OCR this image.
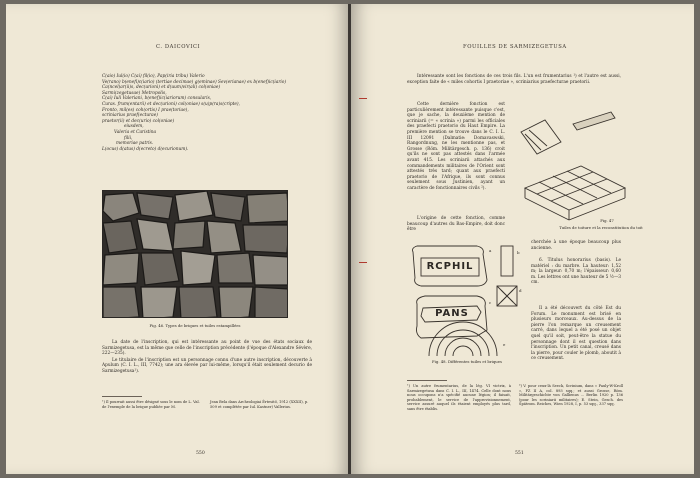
C. DAICOVICI

C(aio) Iul(io) C(ai) fil(io), Pap(iria tribu) Valerio

Ve(rano) b(enefi)c(iario) (tertiae decimae) g(eminae) Sev(erianae) ex b(enef)ic(iario)

Ca(ncel)ar(ii)s, dec(urioni) et d(uum)vir(ali) col(oniae)

Sarmi(zegetusae) Metropolis,

C(ai) Iuli Valeriani, b(enef)ic(iariorum) consularis,

Curas. frum(entarii) et dec(urioni) col(oniae) s(u)p(ra)s(cripte),

Fronto, mil(es) coh(ortis) I prae(toriae),

scriniarius praef(ecturae)

praetor(ii) et dec(urio) col(oniae)

eiusdem,

Valeria et Caristina

filii,

memoriae patris.

L(ocus) d(atus) d(ecreto) d(ecurionum).

Fig. 46. Types de briques et tuiles estampillées

La date de l'inscription, qui est intéressante au point de vue des états sociaux de Sarmizegetusa, est la même que celle de l'inscription précédente (l'époque d'Alexandre Sévère, 222—235).

Le titulaire de l'inscription est un personnage connu d'une autre inscription, découverte à Apulum (C. I. L., III, 7742); une ara élevée par lui-même, lorsqu'il était seulement decurio de Sarmizegetusa¹).

¹) Il pourrait aussi être désigné sous le nom de L. Val. de l'exemple de la brique publiée par M.
Jean Bela dans Archeologiai Értesitő, 1912 (XXXII), p. 509 et complétée par Iul. Kastner) Vallerius.
550
FOUILLES DE SARMIZEGETUSA
Intéressante sont les fonctions de ces trois fils. L'un est frumentarius ¹) et l'autre est aussi, exception faite de « miles cohortis I praetoriae », scriniarius praefecturae praetorii.
Cette dernière fonction est particulièrement intéressante puisque c'est, que je sache, la deuxième mention de scriniarii (= « scrinia ») parmi les officiales des praefecti praetorio du Haut Empire. La première mention se trouve dans le C. I. L. III 12091 (Dalmatie: Domavaswski, Rangordnung, ne les mentionne pas, et Grosse (Röm. Militärgesch. p. 136) croit qu'ils ne sont pas attestés dans l'armée avant 415. Les scriniarii attachés aux commandements militaires de l'Orient sont attestés très tard; quant aux praefecti praetorio de l'Afrique, ils sont connus seulement sous Justinien, ayant un caractère de fonctionnaires civils ²).
L'origine de cette fonction, comme beaucoup d'autres du Bas-Empire, doit donc être
Fig. 47
Tuiles de toiture et la reconstitution du toit
RCPHIL
PANS
a	b
c
d
e
Fig. 48. Différentes tuiles et briques
cherchée à une époque beaucoup plus ancienne.
6. Titulus honorarius (basis). Le matériel : du marbre. La hauteur: 1,52 m; la largeur: 0,70 m; l'épaisseur: 0,60 m. Les lettres ont une hauteur de 5 ½—3 cm.
Il a été découvert du côté Est du Forum. Le monument est brisé en plusieurs morceaux. Au-dessus de la pierre l'on remarque un creusement carré, dans lequel a été posé un objet quel qu'il soit, peut-être la statue du personnage dont il est question dans l'inscription. Un petit canal, creusé dans la pierre, pour couler le plomb, aboutit à ce creusement.
¹) Un autre frumentarius, de la lég. VI victrix, à Sarmizegetusa dans C. I. L., III, 1474. Celle dont nous nous occupons n'a spécifié aucune légion; il faisait, probablement, le service de l'approvisionnement, service assuré auquel ils étaient employés plus tard, sans être établis.
²) V. pour ceux-là Seeck, Scrinium, dans « Pauly-W-Kroll », PZ II A, col. 893 sqq.; et aussi Grosse, Röm. Militärgeschichte von Gallienus ... Berlin 1920 p. 136 (pour les scriniarii militaires); E. Stein, Gesch. des Spätrom. Reiches, Wien 1928, I, p. 53 sqq., 337 sqq.
551
